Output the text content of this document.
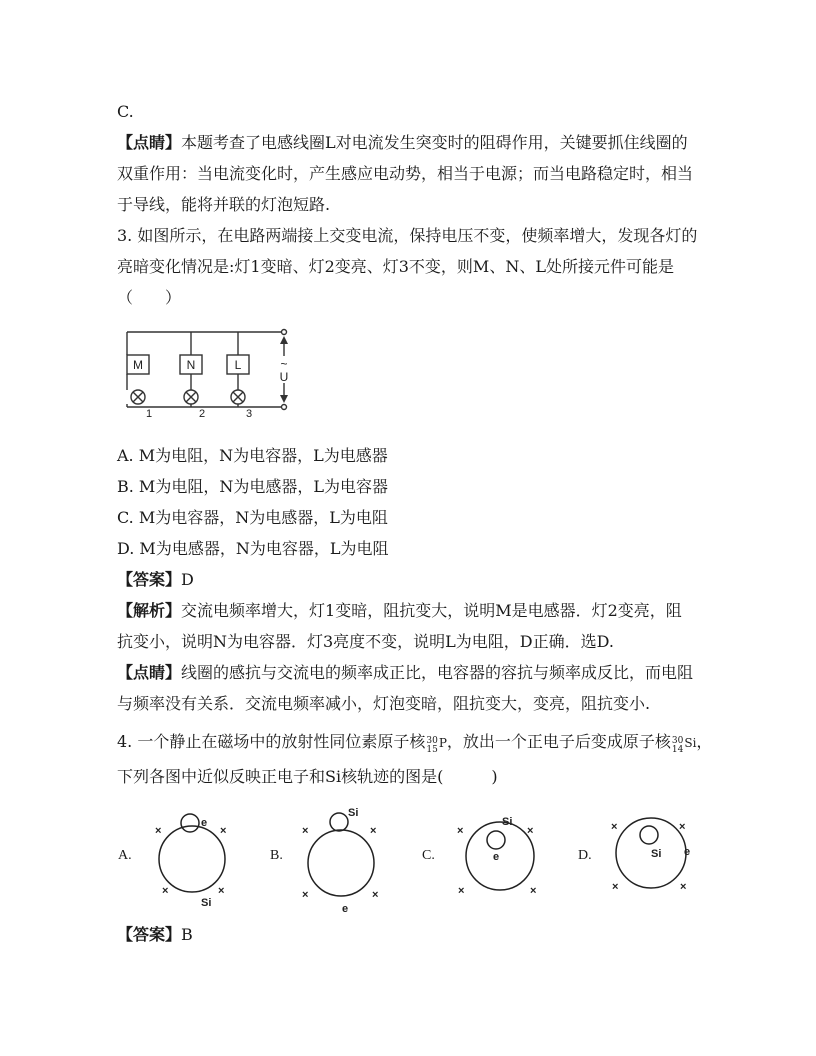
C.
【点睛】本题考查了电感线圈L对电流发生突变时的阻碍作用，关键要抓住线圈的
双重作用：当电流变化时，产生感应电动势，相当于电源；而当电路稳定时，相当
于导线，能将并联的灯泡短路.
3. 如图所示，在电路两端接上交变电流，保持电压不变，使频率增大，发现各灯的
亮暗变化情况是:灯1变暗、灯2变亮、灯3不变，则M、N、L处所接元件可能是
（　　）
M	N	L
1	2	3
~
U
A. M为电阻，N为电容器，L为电感器
B. M为电阻，N为电感器，L为电容器
C. M为电容器，N为电感器，L为电阻
D. M为电感器，N为电容器，L为电阻
【答案】D
【解析】交流电频率增大，灯1变暗，阻抗变大，说明M是电感器．灯2变亮，阻
抗变小，说明N为电容器．灯3亮度不变，说明L为电阻，D正确．选D.
【点睛】线圈的感抗与交流电的频率成正比，电容器的容抗与频率成反比，而电阻
与频率没有关系．交流电频率减小，灯泡变暗，阻抗变大，变亮，阻抗变小.
4. 一个静止在磁场中的放射性同位素原子核 $^{30 15}$ P，放出一个正电子后变成原子核 $^{30 14}$ Si，
下列各图中近似反映正电子和Si核轨迹的图是(　　　)
A.	B.	C.	D.
e
Si
×	×
×	×
Si
e
×	×
×	×
Si
e
×	×
×	×
Si e
×	×
×	×
【答案】B
